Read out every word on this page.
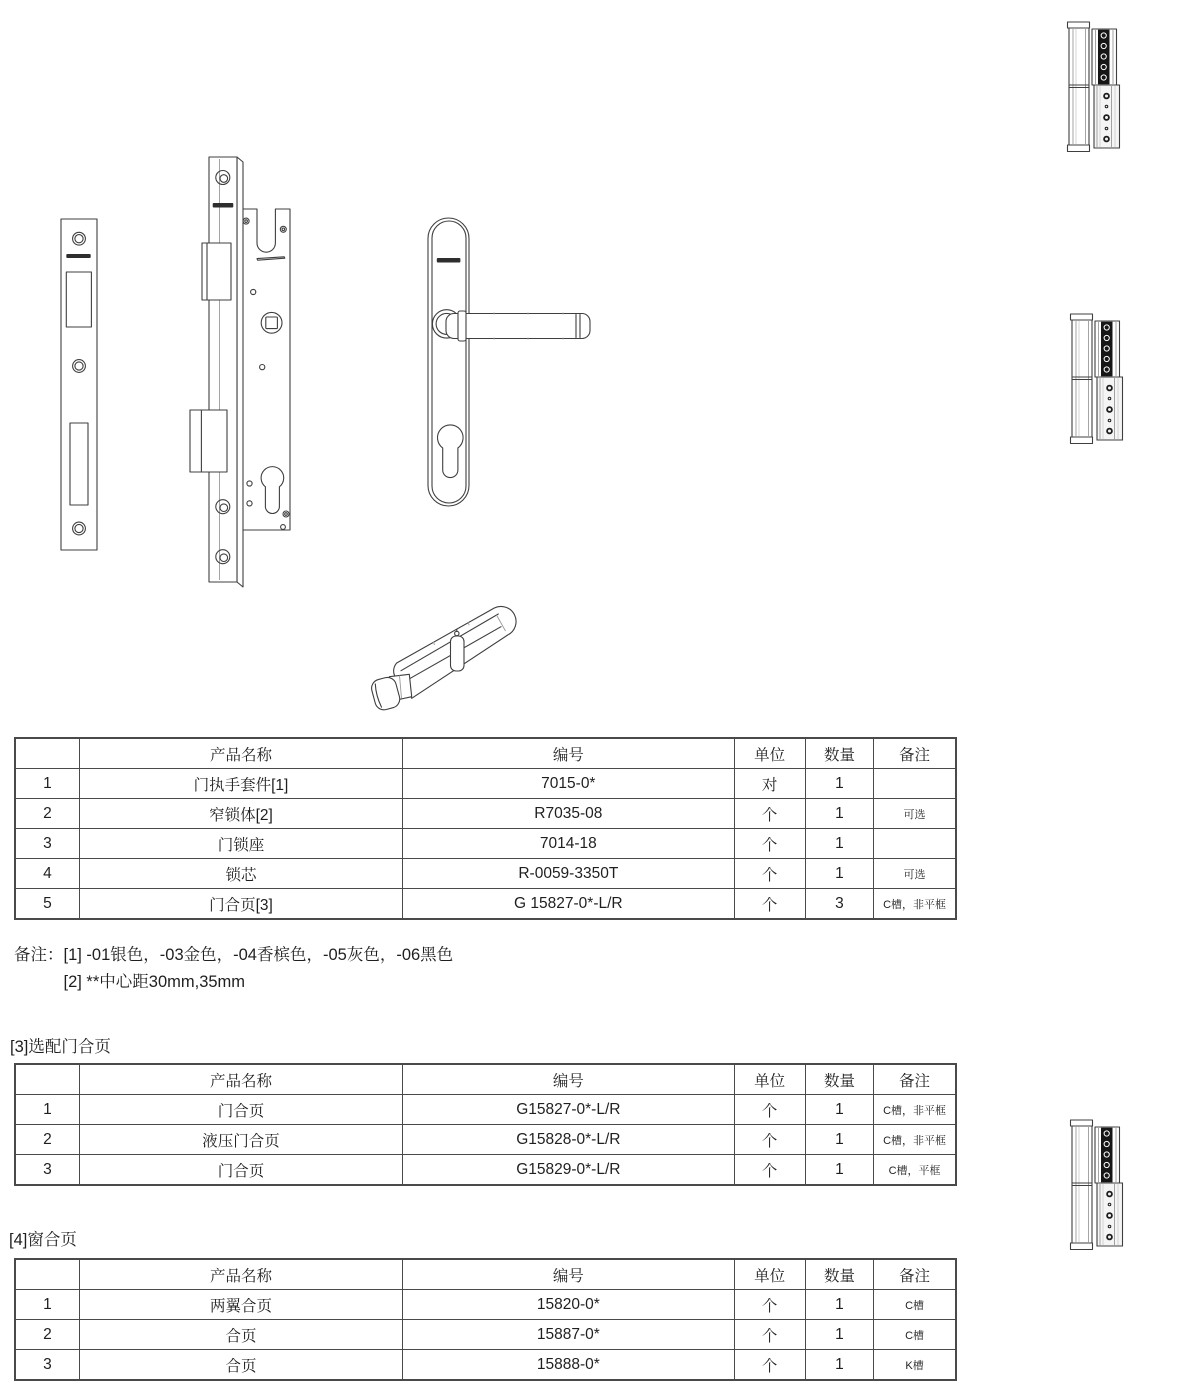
	产品名称	编号	单位	数量	备注
1	门执手套件[1]	7015-0*	对	1	
2	窄锁体[2]	R7035-08	个	1	可选
3	门锁座	7014-18	个	1	
4	锁芯	R-0059-3350T	个	1	可选
5	门合页[3]	G 15827-0*-L/R	个	3	C槽，非平框
备注： [1] -01银色，-03金色，-04香槟色，-05灰色，-06黑色
[2] **中心距30mm,35mm
[3]选配门合页
	产品名称	编号	单位	数量	备注
1	门合页	G15827-0*-L/R	个	1	C槽，非平框
2	液压门合页	G15828-0*-L/R	个	1	C槽，非平框
3	门合页	G15829-0*-L/R	个	1	C槽，平框
[4]窗合页
	产品名称	编号	单位	数量	备注
1	两翼合页	15820-0*	个	1	C槽
2	合页	15887-0*	个	1	C槽
3	合页	15888-0*	个	1	K槽
